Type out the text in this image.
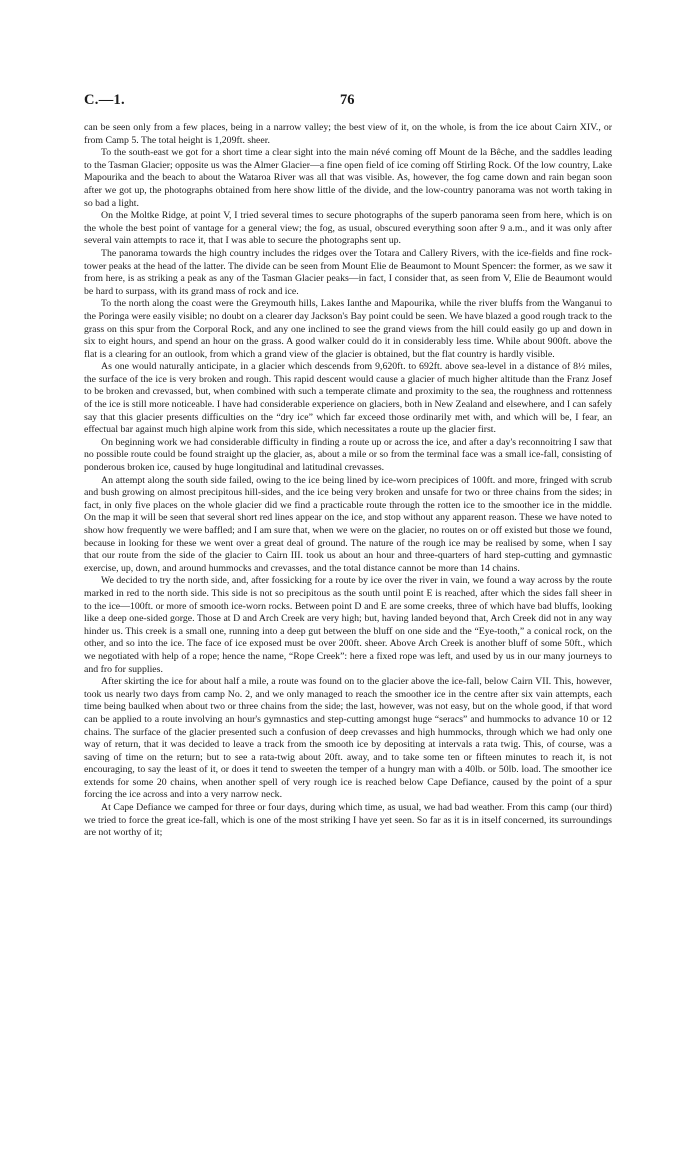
C.—1.	76

can be seen only from a few places, being in a narrow valley; the best view of it, on the whole, is from the ice about Cairn XIV., or from Camp 5. The total height is 1,209ft. sheer.

To the south-east we got for a short time a clear sight into the main névé coming off Mount de la Bêche, and the saddles leading to the Tasman Glacier; opposite us was the Almer Glacier—a fine open field of ice coming off Stirling Rock. Of the low country, Lake Mapourika and the beach to about the Wataroa River was all that was visible. As, however, the fog came down and rain began soon after we got up, the photographs obtained from here show little of the divide, and the low-country panorama was not worth taking in so bad a light.

On the Moltke Ridge, at point V, I tried several times to secure photographs of the superb panorama seen from here, which is on the whole the best point of vantage for a general view; the fog, as usual, obscured everything soon after 9 a.m., and it was only after several vain attempts to race it, that I was able to secure the photographs sent up.

The panorama towards the high country includes the ridges over the Totara and Callery Rivers, with the ice-fields and fine rock-tower peaks at the head of the latter. The divide can be seen from Mount Elie de Beaumont to Mount Spencer: the former, as we saw it from here, is as striking a peak as any of the Tasman Glacier peaks—in fact, I consider that, as seen from V, Elie de Beaumont would be hard to surpass, with its grand mass of rock and ice.

To the north along the coast were the Greymouth hills, Lakes Ianthe and Mapourika, while the river bluffs from the Wanganui to the Poringa were easily visible; no doubt on a clearer day Jackson's Bay point could be seen. We have blazed a good rough track to the grass on this spur from the Corporal Rock, and any one inclined to see the grand views from the hill could easily go up and down in six to eight hours, and spend an hour on the grass. A good walker could do it in considerably less time. While about 900ft. above the flat is a clearing for an outlook, from which a grand view of the glacier is obtained, but the flat country is hardly visible.

As one would naturally anticipate, in a glacier which descends from 9,620ft. to 692ft. above sea-level in a distance of 8½ miles, the surface of the ice is very broken and rough. This rapid descent would cause a glacier of much higher altitude than the Franz Josef to be broken and crevassed, but, when combined with such a temperate climate and proximity to the sea, the roughness and rottenness of the ice is still more noticeable. I have had considerable experience on glaciers, both in New Zealand and elsewhere, and I can safely say that this glacier presents difficulties on the “dry ice” which far exceed those ordinarily met with, and which will be, I fear, an effectual bar against much high alpine work from this side, which necessitates a route up the glacier first.

On beginning work we had considerable difficulty in finding a route up or across the ice, and after a day's reconnoitring I saw that no possible route could be found straight up the glacier, as, about a mile or so from the terminal face was a small ice-fall, consisting of ponderous broken ice, caused by huge longitudinal and latitudinal crevasses.

An attempt along the south side failed, owing to the ice being lined by ice-worn precipices of 100ft. and more, fringed with scrub and bush growing on almost precipitous hill-sides, and the ice being very broken and unsafe for two or three chains from the sides; in fact, in only five places on the whole glacier did we find a practicable route through the rotten ice to the smoother ice in the middle. On the map it will be seen that several short red lines appear on the ice, and stop without any apparent reason. These we have noted to show how frequently we were baffled; and I am sure that, when we were on the glacier, no routes on or off existed but those we found, because in looking for these we went over a great deal of ground. The nature of the rough ice may be realised by some, when I say that our route from the side of the glacier to Cairn III. took us about an hour and three-quarters of hard step-cutting and gymnastic exercise, up, down, and around hummocks and crevasses, and the total distance cannot be more than 14 chains.

We decided to try the north side, and, after fossicking for a route by ice over the river in vain, we found a way across by the route marked in red to the north side. This side is not so precipitous as the south until point E is reached, after which the sides fall sheer in to the ice—100ft. or more of smooth ice-worn rocks. Between point D and E are some creeks, three of which have bad bluffs, looking like a deep one-sided gorge. Those at D and Arch Creek are very high; but, having landed beyond that, Arch Creek did not in any way hinder us. This creek is a small one, running into a deep gut between the bluff on one side and the “Eye-tooth,” a conical rock, on the other, and so into the ice. The face of ice exposed must be over 200ft. sheer. Above Arch Creek is another bluff of some 50ft., which we negotiated with help of a rope; hence the name, “Rope Creek”: here a fixed rope was left, and used by us in our many journeys to and fro for supplies.

After skirting the ice for about half a mile, a route was found on to the glacier above the ice-fall, below Cairn VII. This, however, took us nearly two days from camp No. 2, and we only managed to reach the smoother ice in the centre after six vain attempts, each time being baulked when about two or three chains from the side; the last, however, was not easy, but on the whole good, if that word can be applied to a route involving an hour's gymnastics and step-cutting amongst huge “seracs” and hummocks to advance 10 or 12 chains. The surface of the glacier presented such a confusion of deep crevasses and high hummocks, through which we had only one way of return, that it was decided to leave a track from the smooth ice by depositing at intervals a rata twig. This, of course, was a saving of time on the return; but to see a rata-twig about 20ft. away, and to take some ten or fifteen minutes to reach it, is not encouraging, to say the least of it, or does it tend to sweeten the temper of a hungry man with a 40lb. or 50lb. load. The smoother ice extends for some 20 chains, when another spell of very rough ice is reached below Cape Defiance, caused by the point of a spur forcing the ice across and into a very narrow neck.

At Cape Defiance we camped for three or four days, during which time, as usual, we had bad weather. From this camp (our third) we tried to force the great ice-fall, which is one of the most striking I have yet seen. So far as it is in itself concerned, its surroundings are not worthy of it;
